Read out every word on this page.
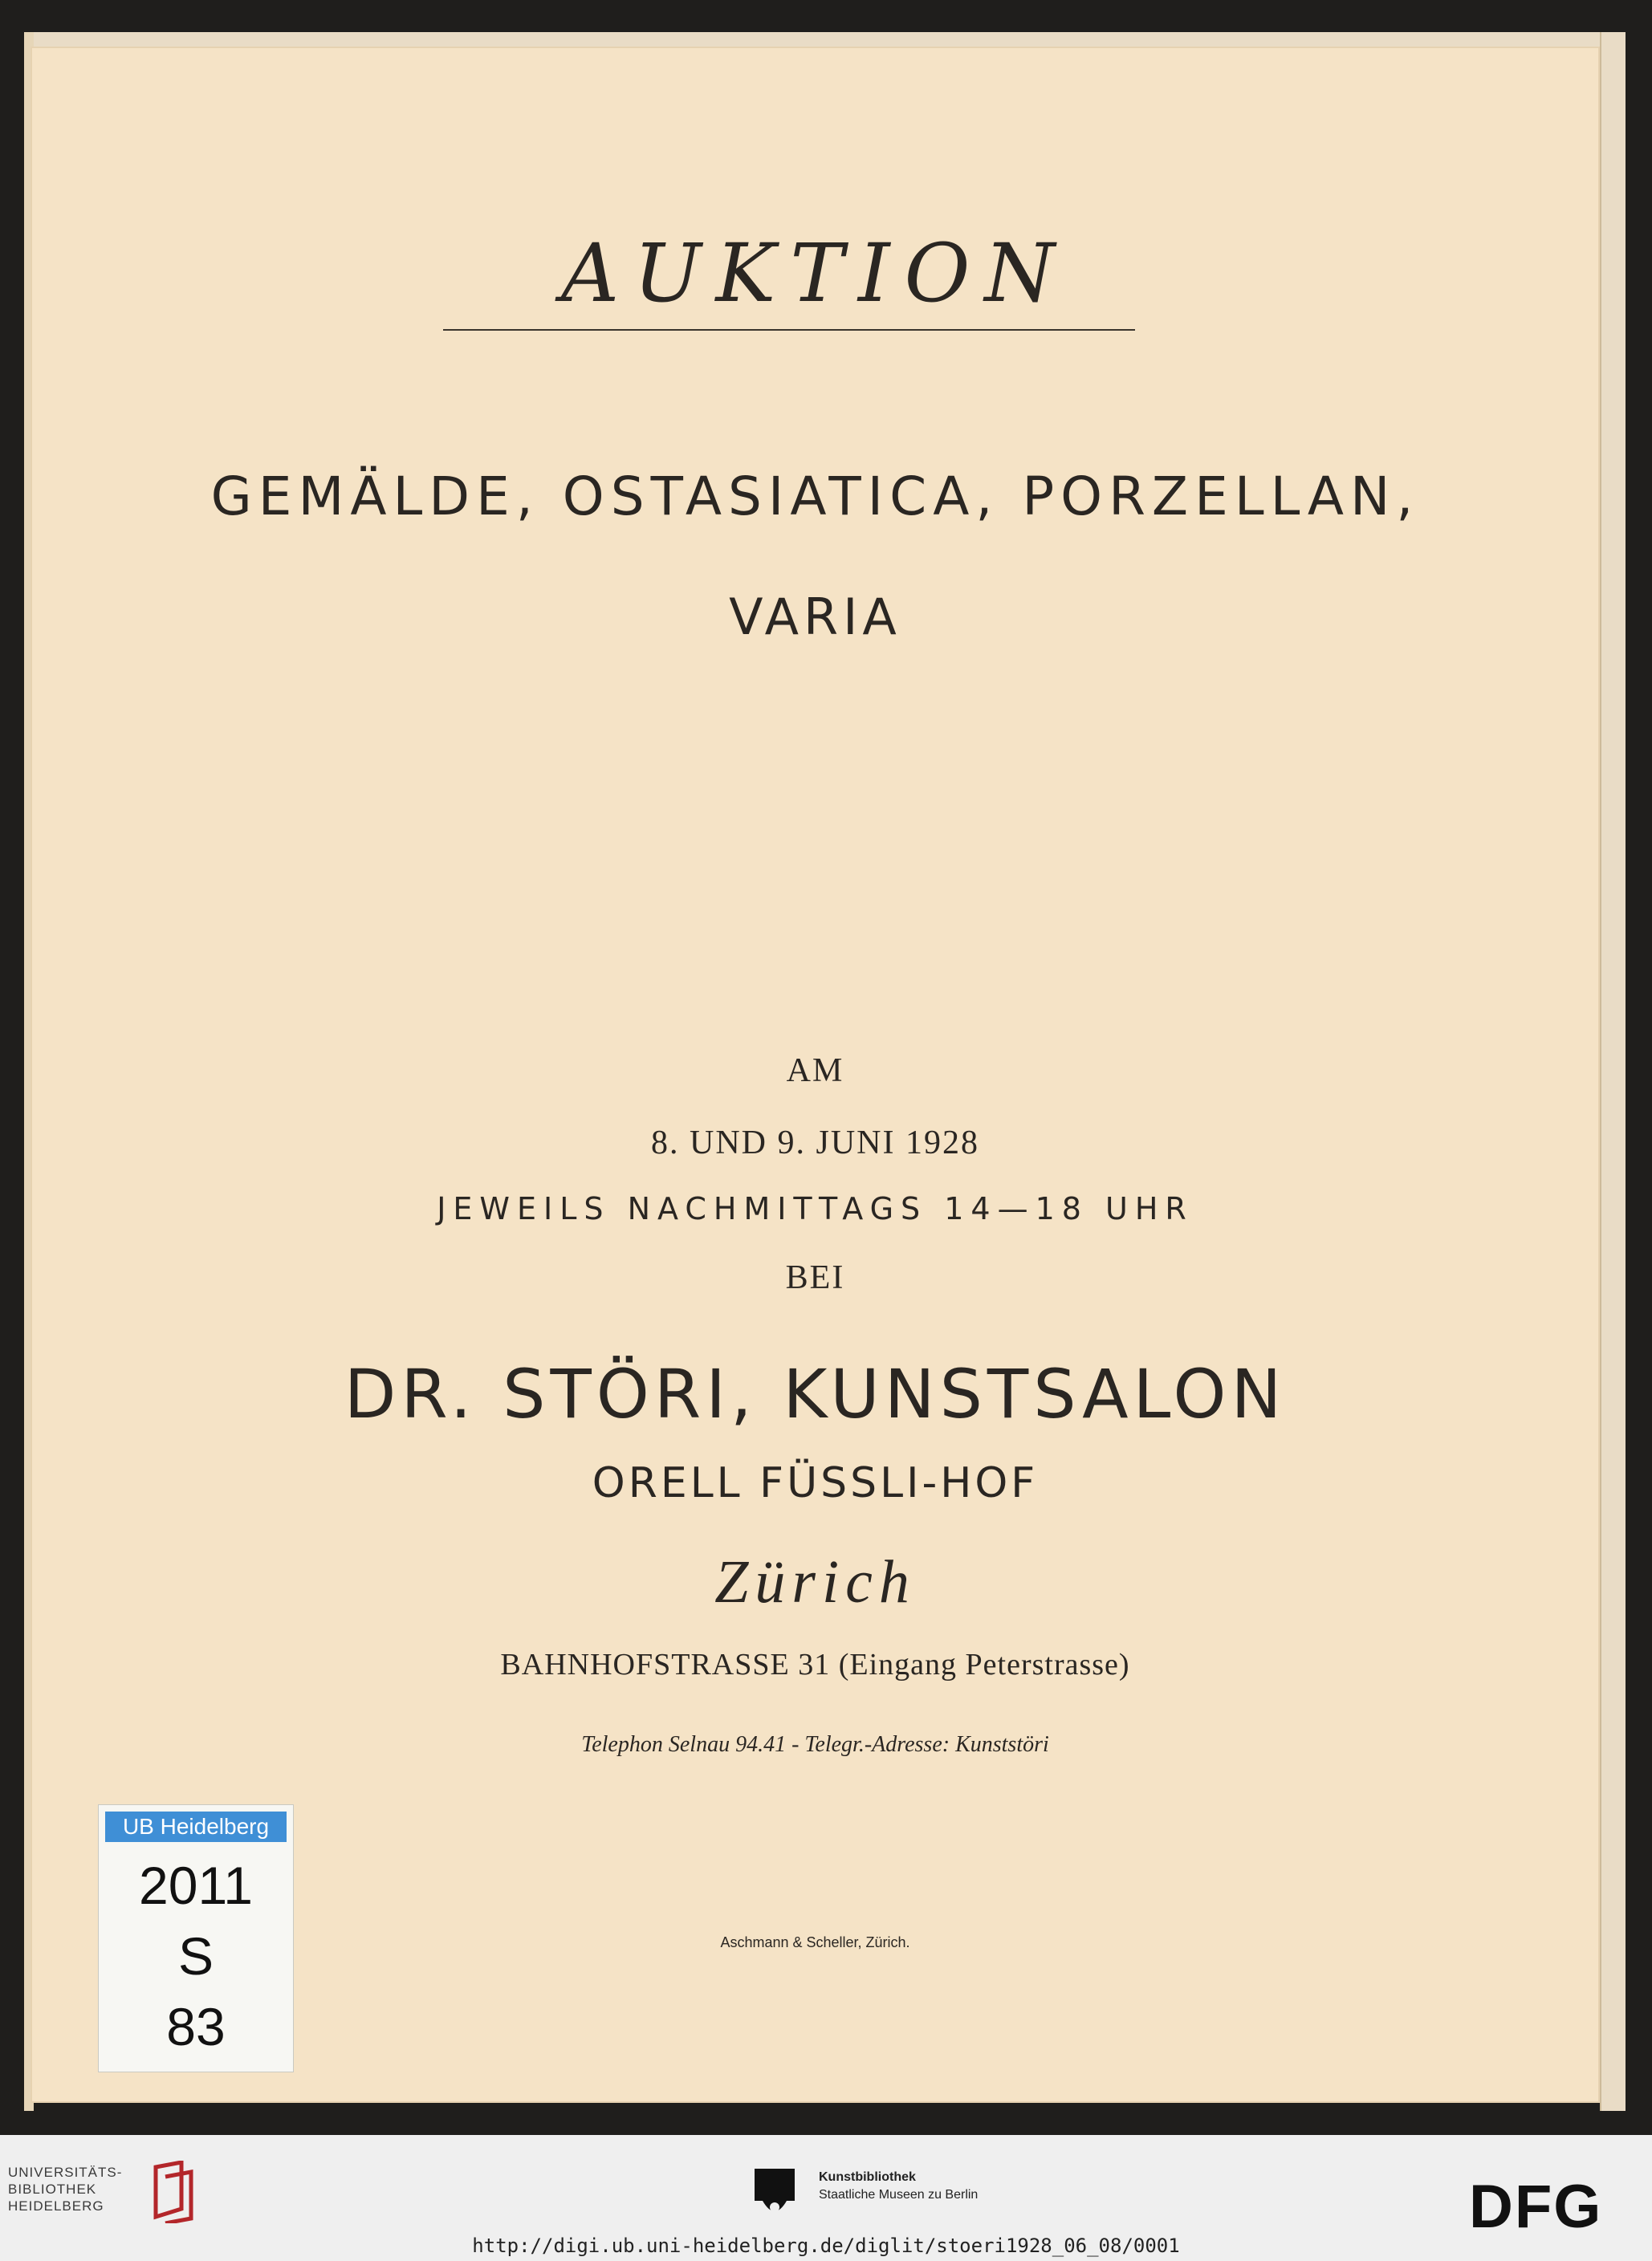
AUKTION
GEMÄLDE, OSTASIATICA, PORZELLAN,
VARIA
AM
8. UND 9. JUNI 1928
JEWEILS NACHMITTAGS 14—18 UHR
BEI
DR. STÖRI, KUNSTSALON
ORELL FÜSSLI-HOF
Zürich
BAHNHOFSTRASSE 31 (Eingang Peterstrasse)
Telephon Selnau 94.41 - Telegr.-Adresse: Kunststöri
Aschmann & Scheller, Zürich.
UB Heidelberg
2011
S
83
UNIVERSITÄTS-
BIBLIOTHEK
HEIDELBERG
Kunstbibliothek
Staatliche Museen zu Berlin	DFG
http://digi.ub.uni-heidelberg.de/diglit/stoeri1928_06_08/0001
